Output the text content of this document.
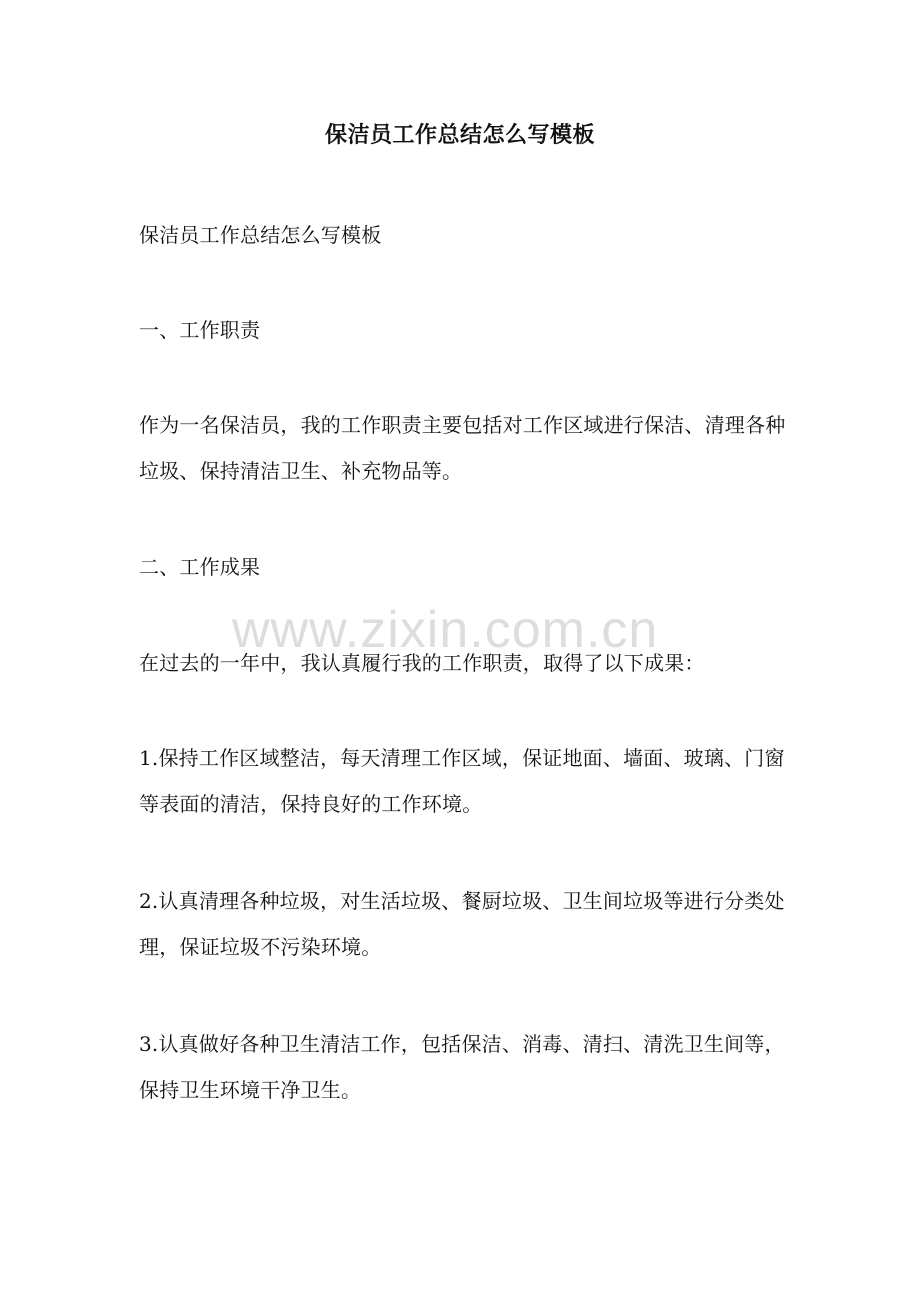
保洁员工作总结怎么写模板

保洁员工作总结怎么写模板

一、工作职责

作为一名保洁员，我的工作职责主要包括对工作区域进行保洁、清理各种垃圾、保持清洁卫生、补充物品等。

二、工作成果

在过去的一年中，我认真履行我的工作职责，取得了以下成果：

1.保持工作区域整洁，每天清理工作区域，保证地面、墙面、玻璃、门窗等表面的清洁，保持良好的工作环境。

2.认真清理各种垃圾，对生活垃圾、餐厨垃圾、卫生间垃圾等进行分类处理，保证垃圾不污染环境。

3.认真做好各种卫生清洁工作，包括保洁、消毒、清扫、清洗卫生间等，保持卫生环境干净卫生。

www.zixin.com.cn
